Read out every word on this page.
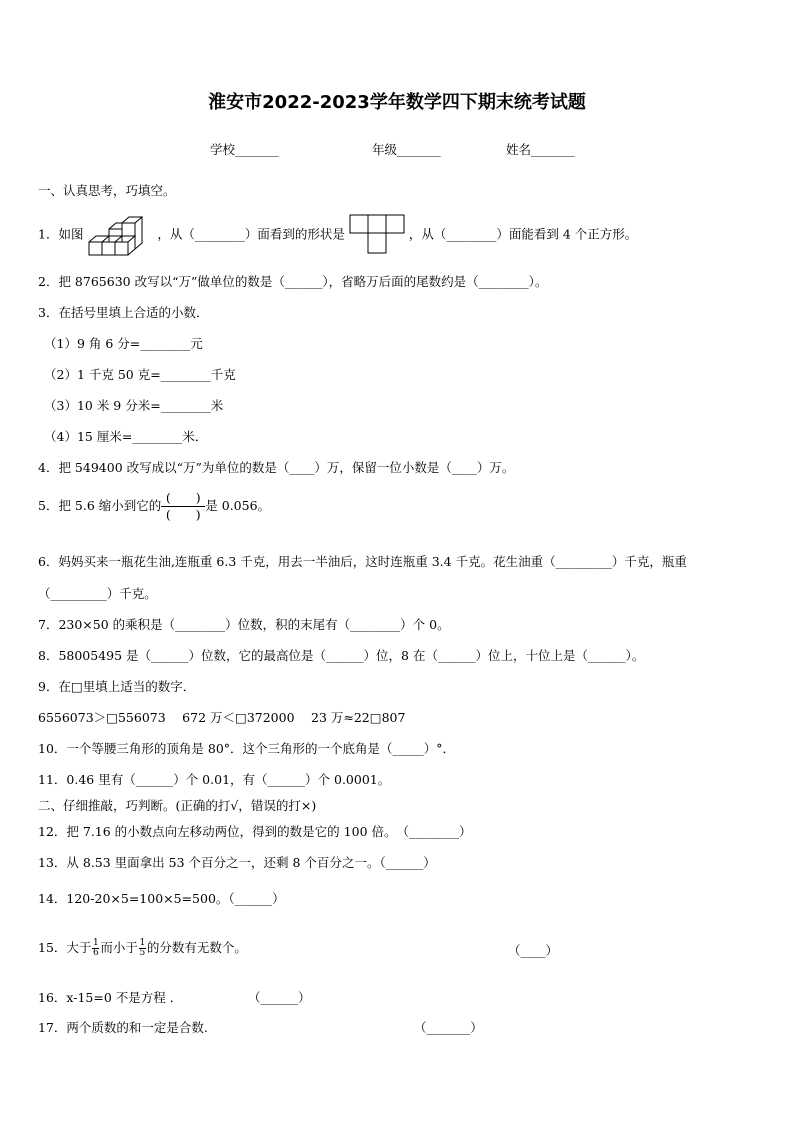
淮安市2022-2023学年数学四下期末统考试题
学校_______	年级_______	姓名_______
一、认真思考，巧填空。
1．如图	，从（________）面看到的形状是	，从（________）面能看到 4 个正方形。
2．把 8765630 改写以“万”做单位的数是（______），省略万后面的尾数约是（________）。
3．在括号里填上合适的小数．
（1）9 角 6 分=________元
（2）1 千克 50 克=________千克
（3）10 米 9 分米=________米
（4）15 厘米=________米．
4．把 549400 改写成以“万”为单位的数是（____）万，保留一位小数是（____）万。
5．把 5.6 缩小到它的
(　　)
(　　)
是 0.056。
6．妈妈买来一瓶花生油,连瓶重 6.3 千克，用去一半油后，这时连瓶重 3.4 千克。花生油重（_________）千克，瓶重
（_________）千克。
7．230×50 的乘积是（________）位数，积的末尾有（________）个 0。
8．58005495 是（______）位数，它的最高位是（______）位，8 在（______）位上，十位上是（______）。
9．在□里填上适当的数字．
6556073＞□556073　 672 万＜□372000　 23 万≈22□807
10．一个等腰三角形的顶角是 80°．这个三角形的一个底角是（_____）°．
11．0.46 里有（______）个 0.01，有（______）个 0.0001。
二、仔细推敲，巧判断。(正确的打√，错误的打×)
12．把 7.16 的小数点向左移动两位，得到的数是它的 100 倍。　（________）
13．从 8.53 里面拿出 53 个百分之一，还剩 8 个百分之一。（______）
14．120-20×5=100×5=500。（______）
15．大于 $\frac{1}{6}$ 而小于 $\frac{1}{5}$ 的分数有无数个。	（____）
16．x-15=0 不是方程 ．	（______）
17．两个质数的和一定是合数.	（_______）
